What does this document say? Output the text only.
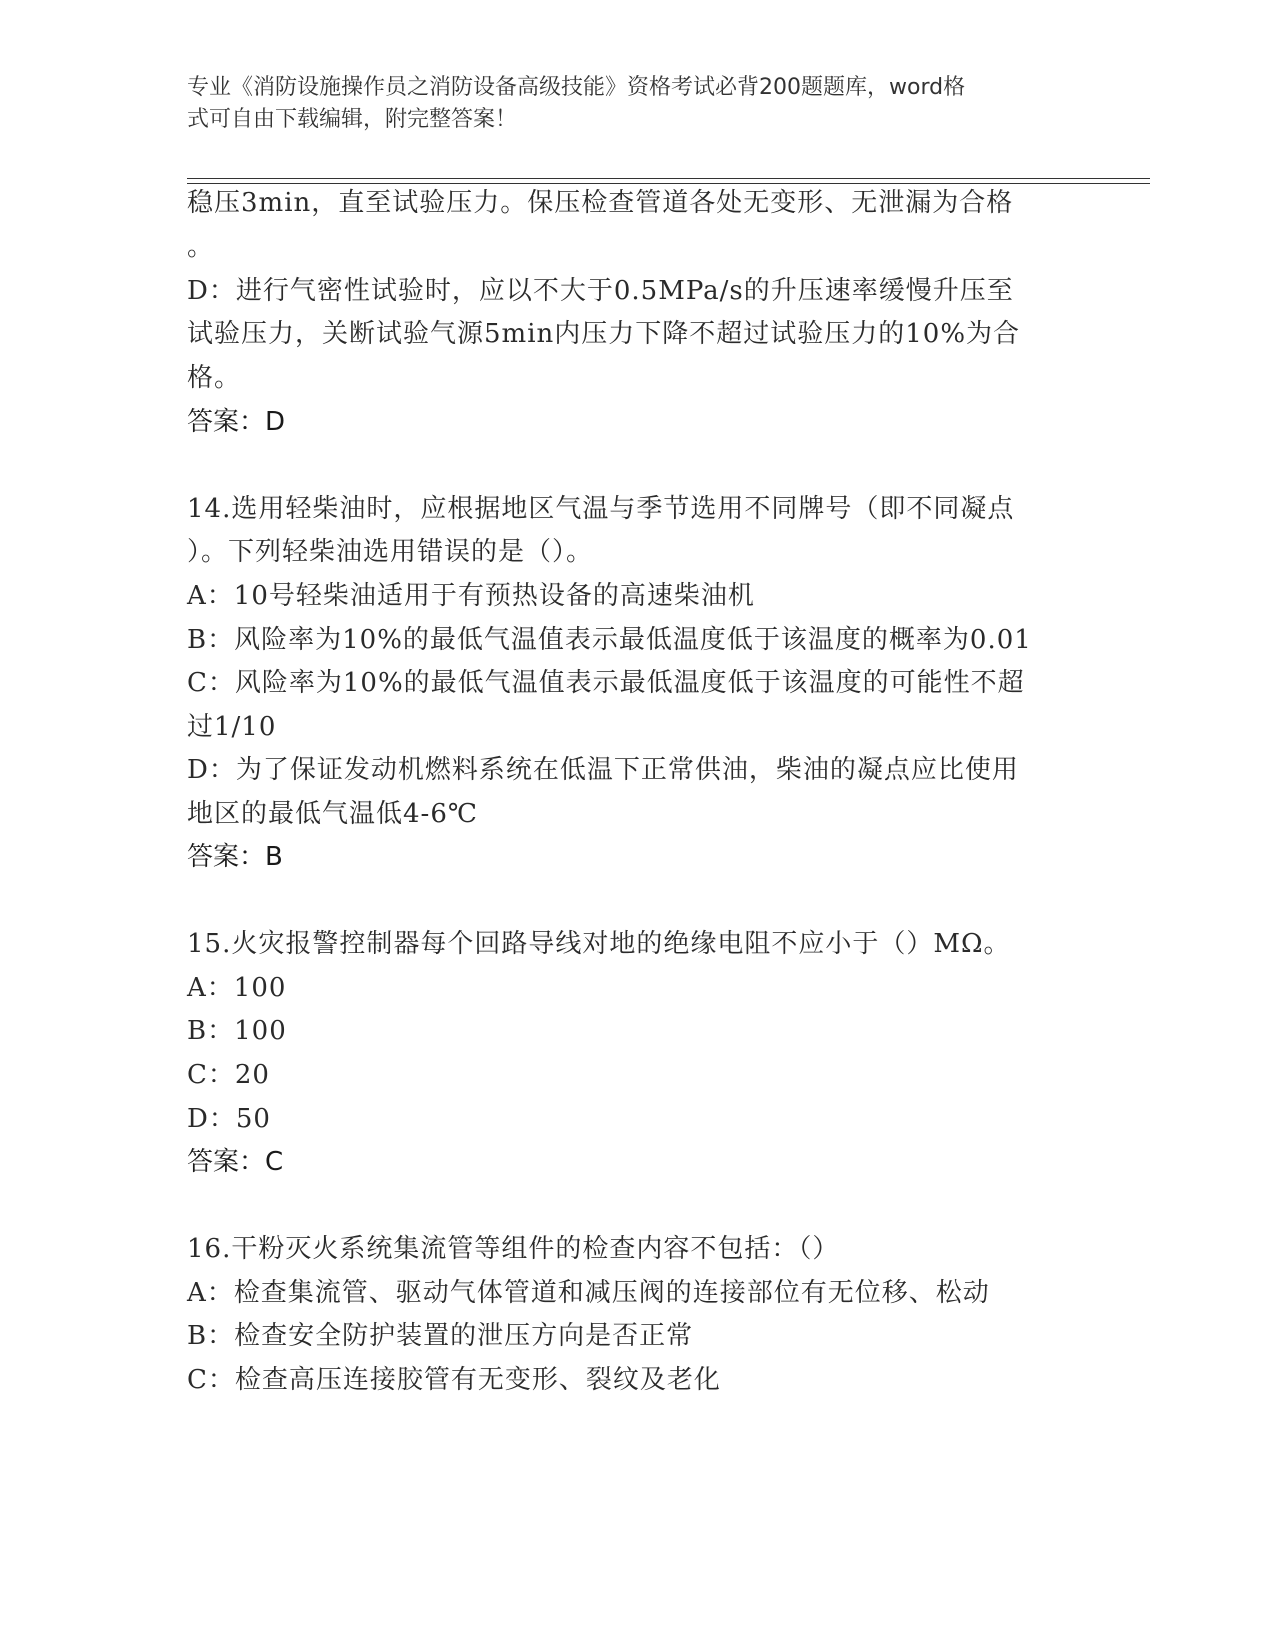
专业《消防设施操作员之消防设备高级技能》资格考试必背200题题库，word格
式可自由下载编辑，附完整答案！
稳压3min，直至试验压力。保压检查管道各处无变形、无泄漏为合格
。
D：进行气密性试验时，应以不大于0.5MPa/s的升压速率缓慢升压至
试验压力，关断试验气源5min内压力下降不超过试验压力的10%为合
格。
答案：D
14.选用轻柴油时，应根据地区气温与季节选用不同牌号（即不同凝点
）。下列轻柴油选用错误的是（）。
A：10号轻柴油适用于有预热设备的高速柴油机
B：风险率为10%的最低气温值表示最低温度低于该温度的概率为0.01
C：风险率为10%的最低气温值表示最低温度低于该温度的可能性不超
过1/10
D：为了保证发动机燃料系统在低温下正常供油，柴油的凝点应比使用
地区的最低气温低4-6℃
答案：B
15.火灾报警控制器每个回路导线对地的绝缘电阻不应小于（）MΩ。
A：100
B：100
C：20
D：50
答案：C
16.干粉灭火系统集流管等组件的检查内容不包括：（）
A：检查集流管、驱动气体管道和减压阀的连接部位有无位移、松动
B：检查安全防护装置的泄压方向是否正常
C：检查高压连接胶管有无变形、裂纹及老化
